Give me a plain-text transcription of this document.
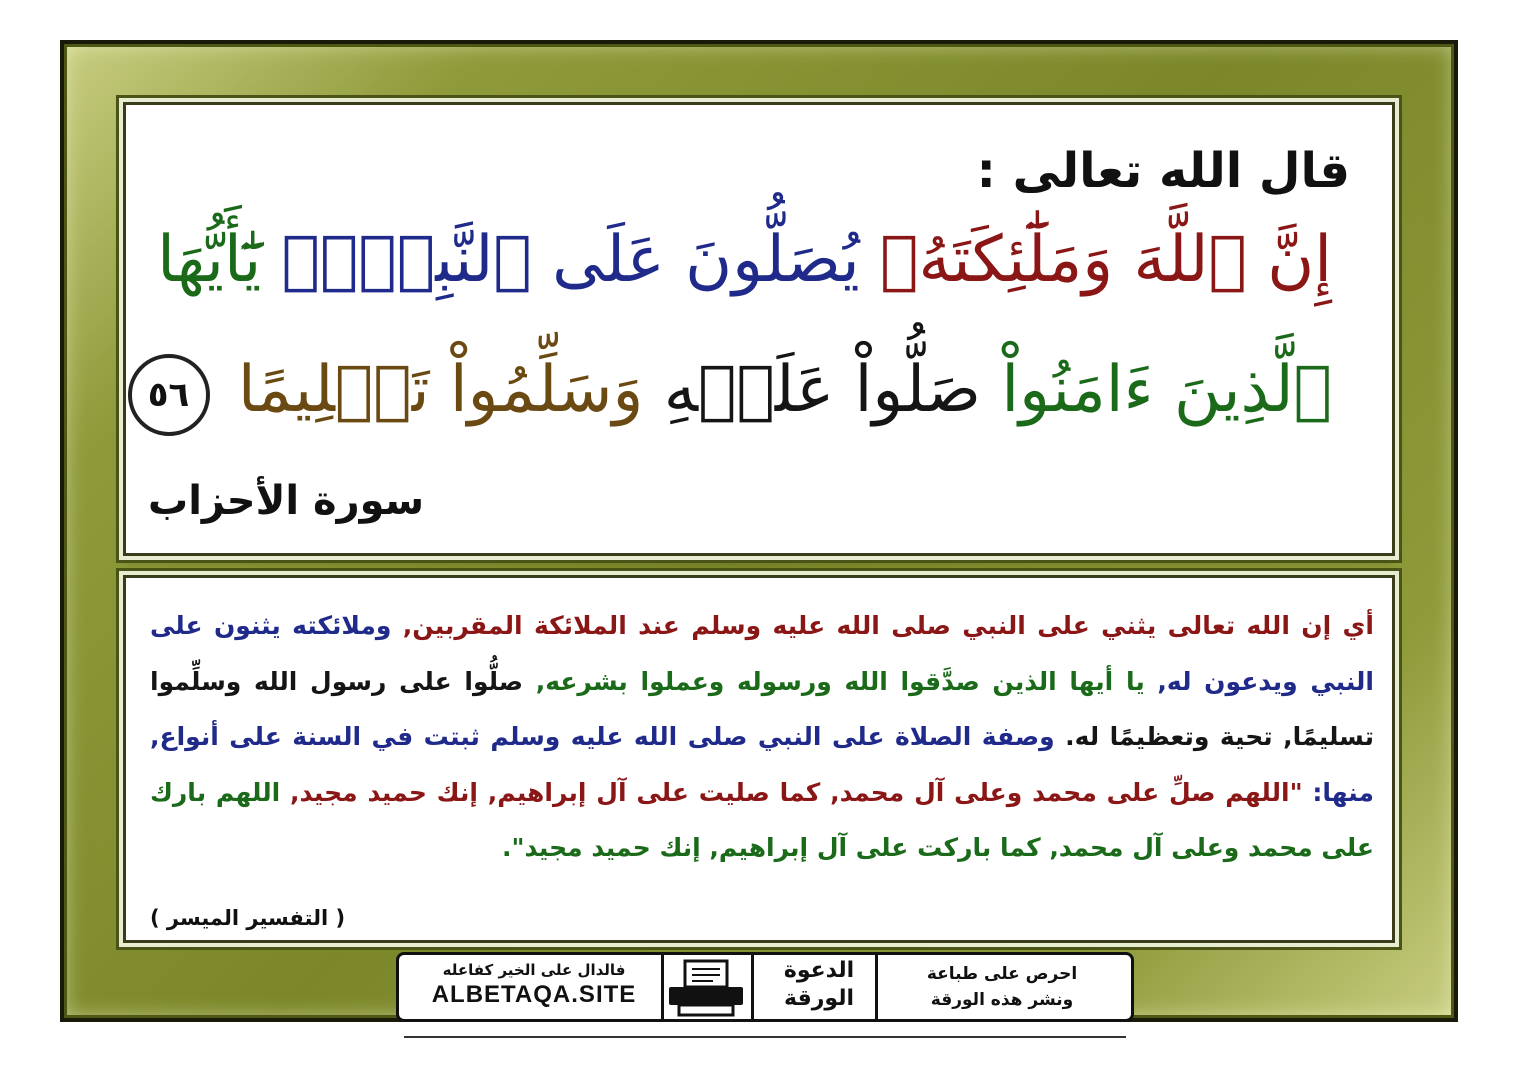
قال الله تعالى :
إِنَّ ٱللَّهَ وَمَلَٰٓئِكَتَهُۥ يُصَلُّونَ عَلَى ٱلنَّبِيِّۚ يَٰٓأَيُّهَا
ٱلَّذِينَ ءَامَنُواْ صَلُّواْ عَلَيۡهِ وَسَلِّمُواْ تَسۡلِيمًا ٥٦
سورة الأحزاب
أي إن الله تعالى يثني على النبي صلى الله عليه وسلم عند الملائكة المقربين, وملائكته يثنون على النبي ويدعون له, يا أيها الذين صدَّقوا الله ورسوله وعملوا بشرعه, صلُّوا على رسول الله وسلِّموا تسليمًا, تحية وتعظيمًا له. وصفة الصلاة على النبي صلى الله عليه وسلم ثبتت في السنة على أنواع, منها: "اللهم صلِّ على محمد وعلى آل محمد, كما صليت على آل إبراهيم, إنك حميد مجيد, اللهم بارك على محمد وعلى آل محمد, كما باركت على آل إبراهيم, إنك حميد مجيد".
( التفسير الميسر )
فالدال على الخير كفاعله
ALBETAQA.SITE
الدعوة
الورقة
احرص على طباعة
ونشر هذه الورقة
